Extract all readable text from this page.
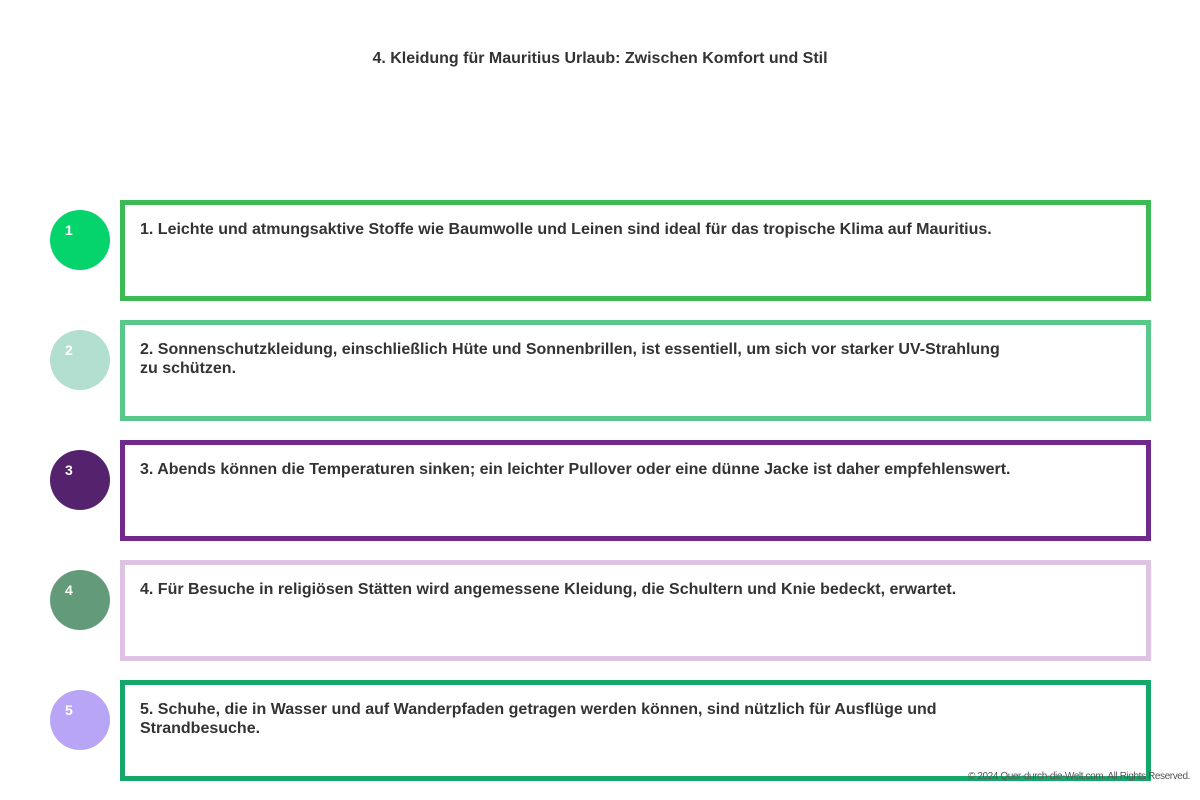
4. Kleidung für Mauritius Urlaub: Zwischen Komfort und Stil
1	1. Leichte und atmungsaktive Stoffe wie Baumwolle und Leinen sind ideal für das tropische Klima auf Mauritius.
2	2. Sonnenschutzkleidung, einschließlich Hüte und Sonnenbrillen, ist essentiell, um sich vor starker UV-Strahlung zu schützen.
3	3. Abends können die Temperaturen sinken; ein leichter Pullover oder eine dünne Jacke ist daher empfehlenswert.
4	4. Für Besuche in religiösen Stätten wird angemessene Kleidung, die Schultern und Knie bedeckt, erwartet.
5	5. Schuhe, die in Wasser und auf Wanderpfaden getragen werden können, sind nützlich für Ausflüge und Strandbesuche.
© 2024 Quer-durch-die-Welt.com. All Rights Reserved.
